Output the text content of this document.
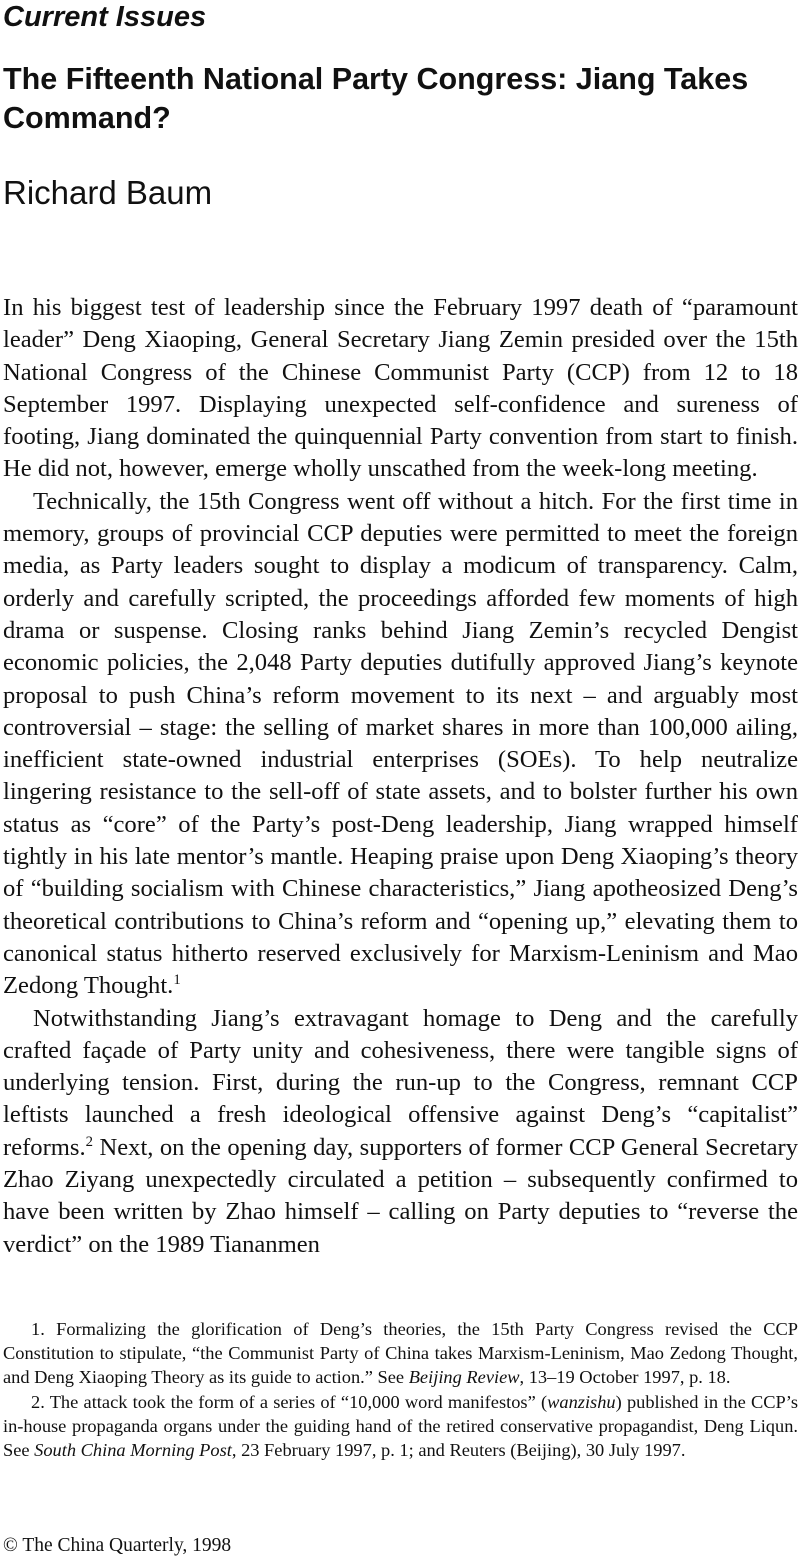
Current Issues
The Fifteenth National Party Congress: Jiang Takes Command?
Richard Baum

In his biggest test of leadership since the February 1997 death of “paramount leader” Deng Xiaoping, General Secretary Jiang Zemin presided over the 15th National Congress of the Chinese Communist Party (CCP) from 12 to 18 September 1997. Displaying unexpected self-confidence and sureness of footing, Jiang dominated the quinquennial Party convention from start to finish. He did not, however, emerge wholly unscathed from the week-long meeting.

Technically, the 15th Congress went off without a hitch. For the first time in memory, groups of provincial CCP deputies were permitted to meet the foreign media, as Party leaders sought to display a modicum of transparency. Calm, orderly and carefully scripted, the proceedings afforded few moments of high drama or suspense. Closing ranks behind Jiang Zemin’s recycled Dengist economic policies, the 2,048 Party deputies dutifully approved Jiang’s keynote proposal to push China’s reform movement to its next – and arguably most controversial – stage: the selling of market shares in more than 100,000 ailing, inefficient state-owned industrial enterprises (SOEs). To help neutralize lingering resistance to the sell-off of state assets, and to bolster further his own status as “core” of the Party’s post-Deng leadership, Jiang wrapped himself tightly in his late mentor’s mantle. Heaping praise upon Deng Xiaoping’s theory of “building socialism with Chinese characteristics,” Jiang apotheosized Deng’s theoretical contributions to China’s reform and “opening up,” elevating them to canonical status hitherto reserved exclusively for Marxism-Leninism and Mao Zedong Thought.$^1$

Notwithstanding Jiang’s extravagant homage to Deng and the carefully crafted façade of Party unity and cohesiveness, there were tangible signs of underlying tension. First, during the run-up to the Congress, remnant CCP leftists launched a fresh ideological offensive against Deng’s “capitalist” reforms.$^2$ Next, on the opening day, supporters of former CCP General Secretary Zhao Ziyang unexpectedly circulated a petition – subsequently confirmed to have been written by Zhao himself – calling on Party deputies to “reverse the verdict” on the 1989 Tiananmen

1. Formalizing the glorification of Deng’s theories, the 15th Party Congress revised the CCP Constitution to stipulate, “the Communist Party of China takes Marxism-Leninism, Mao Zedong Thought, and Deng Xiaoping Theory as its guide to action.” See Beijing Review, 13–19 October 1997, p. 18.

2. The attack took the form of a series of “10,000 word manifestos” (wanzishu) published in the CCP’s in-house propaganda organs under the guiding hand of the retired conservative propagandist, Deng Liqun. See South China Morning Post, 23 February 1997, p. 1; and Reuters (Beijing), 30 July 1997.

© The China Quarterly, 1998
